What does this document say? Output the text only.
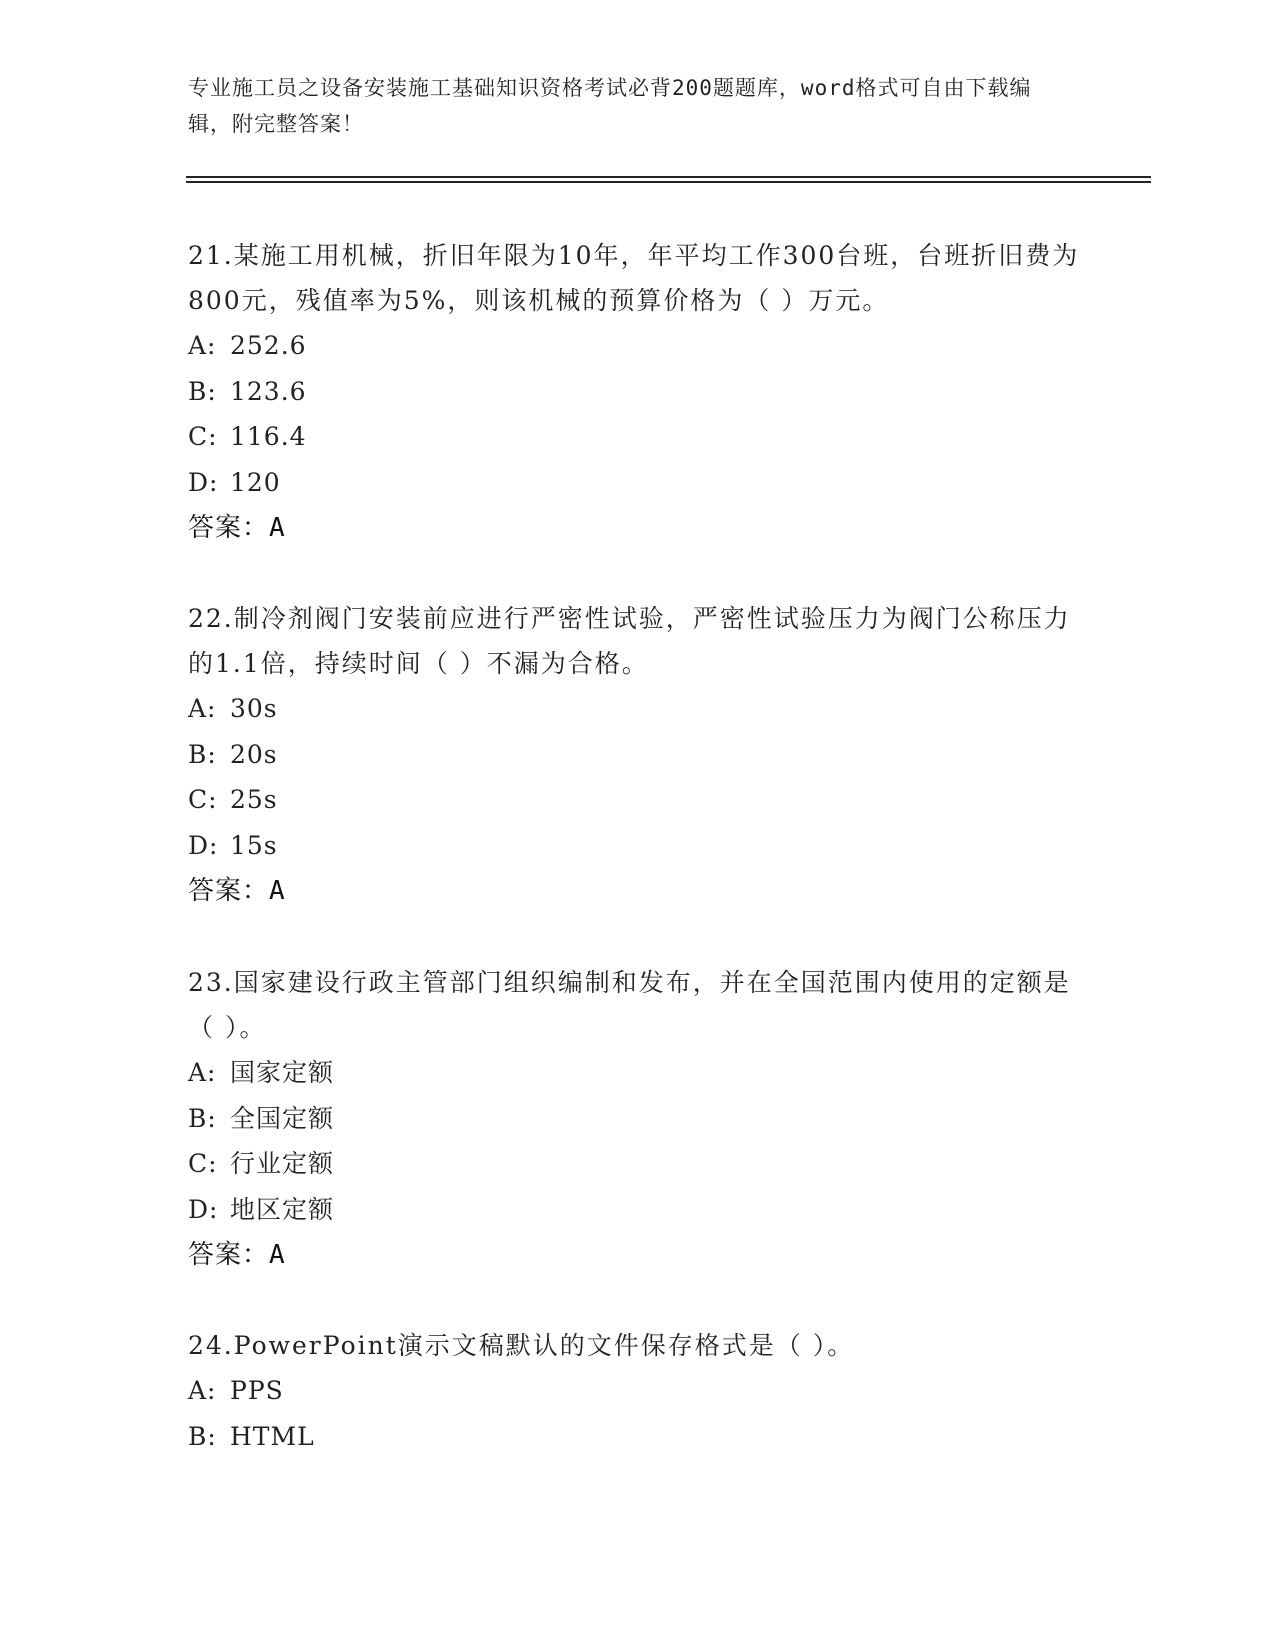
专业施工员之设备安装施工基础知识资格考试必背200题题库，word格式可自由下载编辑，附完整答案！
21.某施工用机械，折旧年限为10年，年平均工作300台班，台班折旧费为800元，残值率为5%，则该机械的预算价格为（ ）万元。
A: 252.6
B: 123.6
C: 116.4
D: 120
答案：A
22.制冷剂阀门安装前应进行严密性试验，严密性试验压力为阀门公称压力的1.1倍，持续时间（ ）不漏为合格。
A: 30s
B: 20s
C: 25s
D: 15s
答案：A
23.国家建设行政主管部门组织编制和发布，并在全国范围内使用的定额是（ ）。
A: 国家定额
B: 全国定额
C: 行业定额
D: 地区定额
答案：A
24.PowerPoint演示文稿默认的文件保存格式是（ ）。
A: PPS
B: HTML
